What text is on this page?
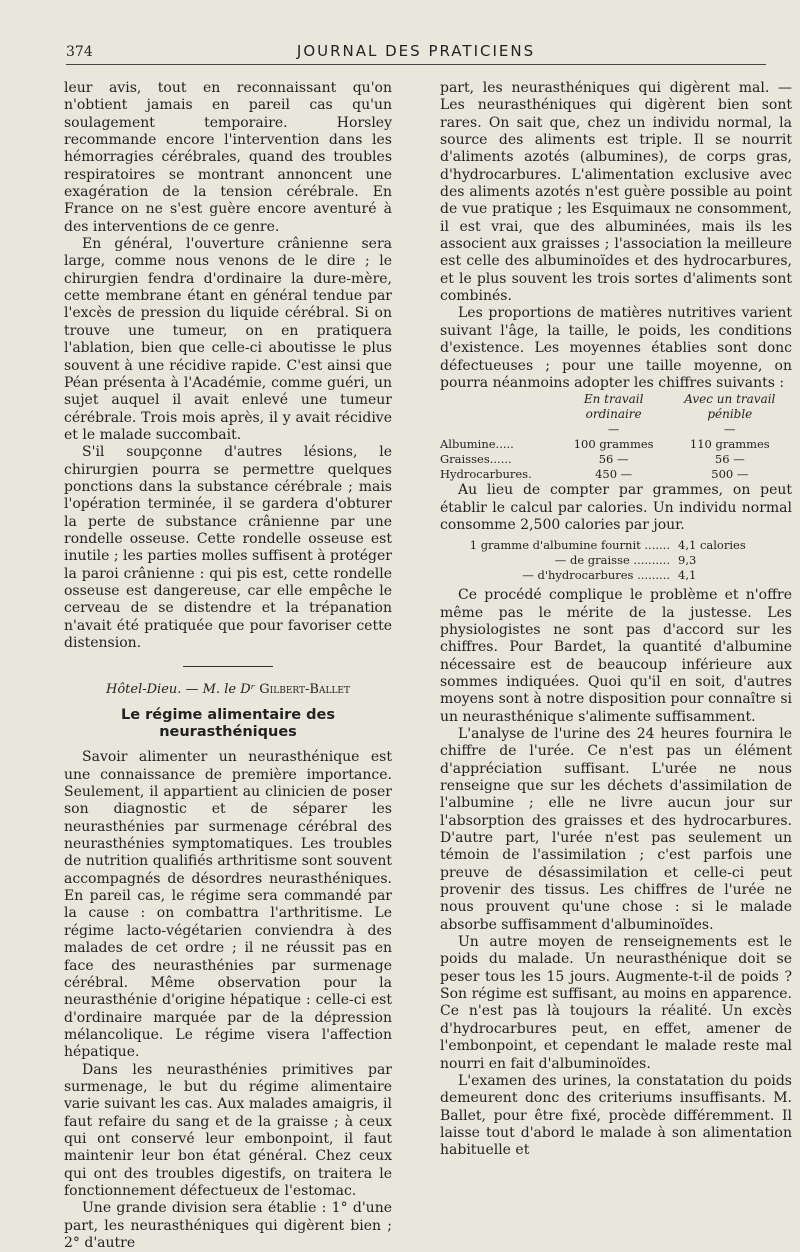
374	JOURNAL DES PRATICIENS

leur avis, tout en reconnaissant qu'on n'obtient jamais en pareil cas qu'un soulagement temporaire. Horsley recommande encore l'intervention dans les hémorragies cérébrales, quand des troubles respiratoires se montrant annoncent une exagération de la tension cérébrale. En France on ne s'est guère encore aventuré à des interventions de ce genre.

En général, l'ouverture crânienne sera large, comme nous venons de le dire ; le chirurgien fendra d'ordinaire la dure-mère, cette membrane étant en général tendue par l'excès de pression du liquide cérébral. Si on trouve une tumeur, on en pratiquera l'ablation, bien que celle-ci aboutisse le plus souvent à une récidive rapide. C'est ainsi que Péan présenta à l'Académie, comme guéri, un sujet auquel il avait enlevé une tumeur cérébrale. Trois mois après, il y avait récidive et le malade succombait.

S'il soupçonne d'autres lésions, le chirurgien pourra se permettre quelques ponctions dans la substance cérébrale ; mais l'opération terminée, il se gardera d'obturer la perte de substance crânienne par une rondelle osseuse. Cette rondelle osseuse est inutile ; les parties molles suffisent à protéger la paroi crânienne : qui pis est, cette rondelle osseuse est dangereuse, car elle empêche le cerveau de se distendre et la trépanation n'avait été pratiquée que pour favoriser cette distension.

Hôtel-Dieu. — M. le Dʳ Gilbert-Ballet
Le régime alimentaire des neurasthéniques

Savoir alimenter un neurasthénique est une connaissance de première importance. Seulement, il appartient au clinicien de poser son diagnostic et de séparer les neurasthénies par surmenage cérébral des neurasthénies symptomatiques. Les troubles de nutrition qualifiés arthritisme sont souvent accompagnés de désordres neurasthéniques. En pareil cas, le régime sera commandé par la cause : on combattra l'arthritisme. Le régime lacto-végétarien conviendra à des malades de cet ordre ; il ne réussit pas en face des neurasthénies par surmenage cérébral. Même observation pour la neurasthénie d'origine hépatique : celle-ci est d'ordinaire marquée par de la dépression mélancolique. Le régime visera l'affection hépatique.

Dans les neurasthénies primitives par surmenage, le but du régime alimentaire varie suivant les cas. Aux malades amaigris, il faut refaire du sang et de la graisse ; à ceux qui ont conservé leur embonpoint, il faut maintenir leur bon état général. Chez ceux qui ont des troubles digestifs, on traitera le fonctionnement défectueux de l'estomac.

Une grande division sera établie : 1° d'une part, les neurasthéniques qui digèrent bien ; 2° d'autre

part, les neurasthéniques qui digèrent mal. — Les neurasthéniques qui digèrent bien sont rares. On sait que, chez un individu normal, la source des aliments est triple. Il se nourrit d'aliments azotés (albumines), de corps gras, d'hydrocarbures. L'alimentation exclusive avec des aliments azotés n'est guère possible au point de vue pratique ; les Esquimaux ne consomment, il est vrai, que des albuminées, mais ils les associent aux graisses ; l'association la meilleure est celle des albuminoïdes et des hydrocarbures, et le plus souvent les trois sortes d'aliments sont combinés.

Les proportions de matières nutritives varient suivant l'âge, la taille, le poids, les conditions d'existence. Les moyennes établies sont donc défectueuses ; pour une taille moyenne, on pourra néanmoins adopter les chiffres suivants :

	En travail ordinaire	Avec un travail pénible
	—	—
Albumine.....	100 grammes	110 grammes
Graisses......	56 —	56 —
Hydrocarbures.	450 —	500 —

Au lieu de compter par grammes, on peut établir le calcul par calories. Un individu normal consomme 2,500 calories par jour.

1 gramme d'albumine fournit ....... 4,1 calories
— de graisse .......... 9,3
— d'hydrocarbures ......... 4,1

Ce procédé complique le problème et n'offre même pas le mérite de la justesse. Les physiologistes ne sont pas d'accord sur les chiffres. Pour Bardet, la quantité d'albumine nécessaire est de beaucoup inférieure aux sommes indiquées. Quoi qu'il en soit, d'autres moyens sont à notre disposition pour connaître si un neurasthénique s'alimente suffisamment.

L'analyse de l'urine des 24 heures fournira le chiffre de l'urée. Ce n'est pas un élément d'appréciation suffisant. L'urée ne nous renseigne que sur les déchets d'assimilation de l'albumine ; elle ne livre aucun jour sur l'absorption des graisses et des hydrocarbures. D'autre part, l'urée n'est pas seulement un témoin de l'assimilation ; c'est parfois une preuve de désassimilation et celle-ci peut provenir des tissus. Les chiffres de l'urée ne nous prouvent qu'une chose : si le malade absorbe suffisamment d'albuminoïdes.

Un autre moyen de renseignements est le poids du malade. Un neurasthénique doit se peser tous les 15 jours. Augmente-t-il de poids ? Son régime est suffisant, au moins en apparence. Ce n'est pas là toujours la réalité. Un excès d'hydrocarbures peut, en effet, amener de l'embonpoint, et cependant le malade reste mal nourri en fait d'albuminoïdes.

L'examen des urines, la constatation du poids demeurent donc des criteriums insuffisants. M. Ballet, pour être fixé, procède différemment. Il laisse tout d'abord le malade à son alimentation habituelle et
